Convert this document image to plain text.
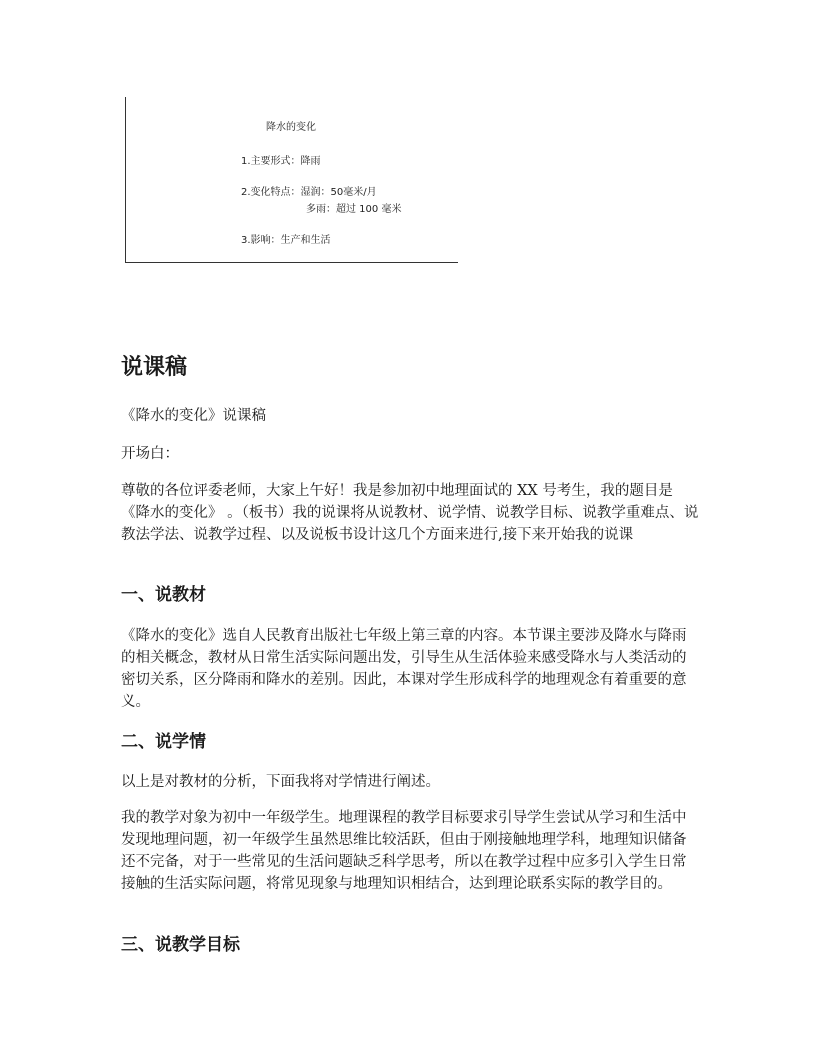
降水的变化
1.主要形式：降雨
2.变化特点：湿润：50毫米/月
多雨：超过 100 毫米
3.影响：生产和生活
说课稿

《降水的变化》说课稿

开场白：

尊敬的各位评委老师，大家上午好！我是参加初中地理面试的 XX 号考生，我的题目是《降水的变化》 。（板书）我的说课将从说教材、说学情、说教学目标、说教学重难点、说教法学法、说教学过程、以及说板书设计这几个方面来进行,接下来开始我的说课

一、说教材

《降水的变化》选自人民教育出版社七年级上第三章的内容。本节课主要涉及降水与降雨的相关概念，教材从日常生活实际问题出发，引导生从生活体验来感受降水与人类活动的密切关系，区分降雨和降水的差别。因此，本课对学生形成科学的地理观念有着重要的意义。

二、说学情

以上是对教材的分析，下面我将对学情进行阐述。

我的教学对象为初中一年级学生。地理课程的教学目标要求引导学生尝试从学习和生活中发现地理问题，初一年级学生虽然思维比较活跃，但由于刚接触地理学科，地理知识储备还不完备，对于一些常见的生活问题缺乏科学思考，所以在教学过程中应多引入学生日常接触的生活实际问题，将常见现象与地理知识相结合，达到理论联系实际的教学目的。

三、说教学目标
